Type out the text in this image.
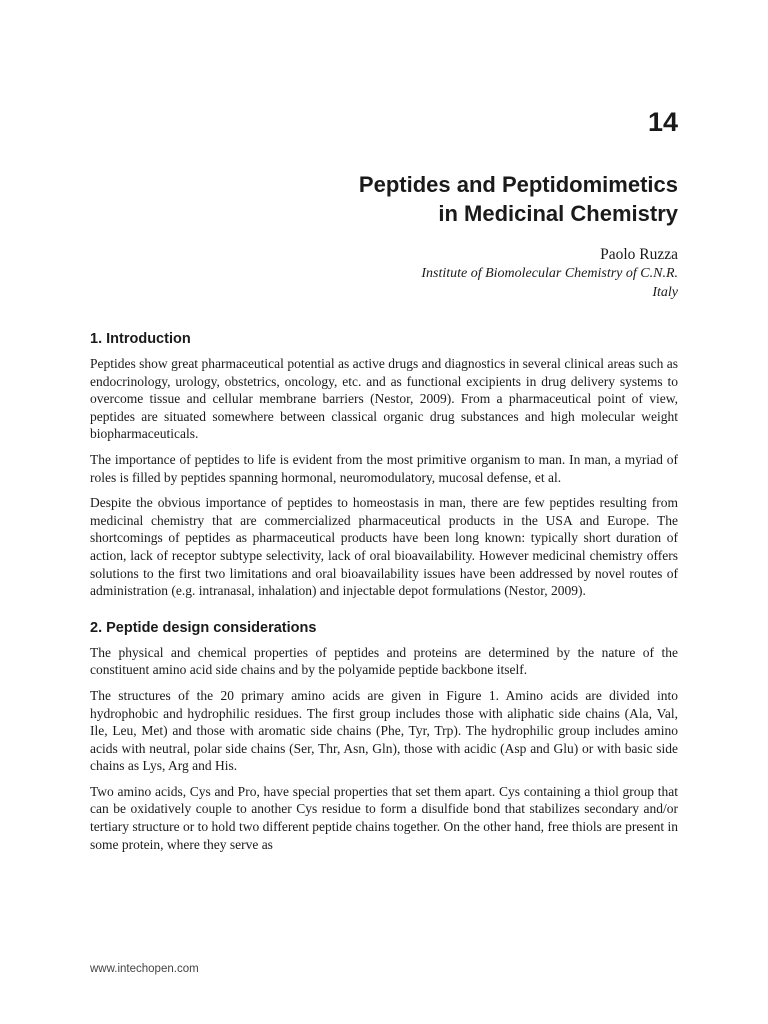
14
Peptides and Peptidomimetics
in Medicinal Chemistry
Paolo Ruzza
Institute of Biomolecular Chemistry of C.N.R.
Italy
1. Introduction

Peptides show great pharmaceutical potential as active drugs and diagnostics in several clinical areas such as endocrinology, urology, obstetrics, oncology, etc. and as functional excipients in drug delivery systems to overcome tissue and cellular membrane barriers (Nestor, 2009). From a pharmaceutical point of view, peptides are situated somewhere between classical organic drug substances and high molecular weight biopharmaceuticals.

The importance of peptides to life is evident from the most primitive organism to man. In man, a myriad of roles is filled by peptides spanning hormonal, neuromodulatory, mucosal defense, et al.

Despite the obvious importance of peptides to homeostasis in man, there are few peptides resulting from medicinal chemistry that are commercialized pharmaceutical products in the USA and Europe. The shortcomings of peptides as pharmaceutical products have been long known: typically short duration of action, lack of receptor subtype selectivity, lack of oral bioavailability. However medicinal chemistry offers solutions to the first two limitations and oral bioavailability issues have been addressed by novel routes of administration (e.g. intranasal, inhalation) and injectable depot formulations (Nestor, 2009).

2. Peptide design considerations

The physical and chemical properties of peptides and proteins are determined by the nature of the constituent amino acid side chains and by the polyamide peptide backbone itself.

The structures of the 20 primary amino acids are given in Figure 1. Amino acids are divided into hydrophobic and hydrophilic residues. The first group includes those with aliphatic side chains (Ala, Val, Ile, Leu, Met) and those with aromatic side chains (Phe, Tyr, Trp). The hydrophilic group includes amino acids with neutral, polar side chains (Ser, Thr, Asn, Gln), those with acidic (Asp and Glu) or with basic side chains as Lys, Arg and His.

Two amino acids, Cys and Pro, have special properties that set them apart. Cys containing a thiol group that can be oxidatively couple to another Cys residue to form a disulfide bond that stabilizes secondary and/or tertiary structure or to hold two different peptide chains together. On the other hand, free thiols are present in some protein, where they serve as

www.intechopen.com
